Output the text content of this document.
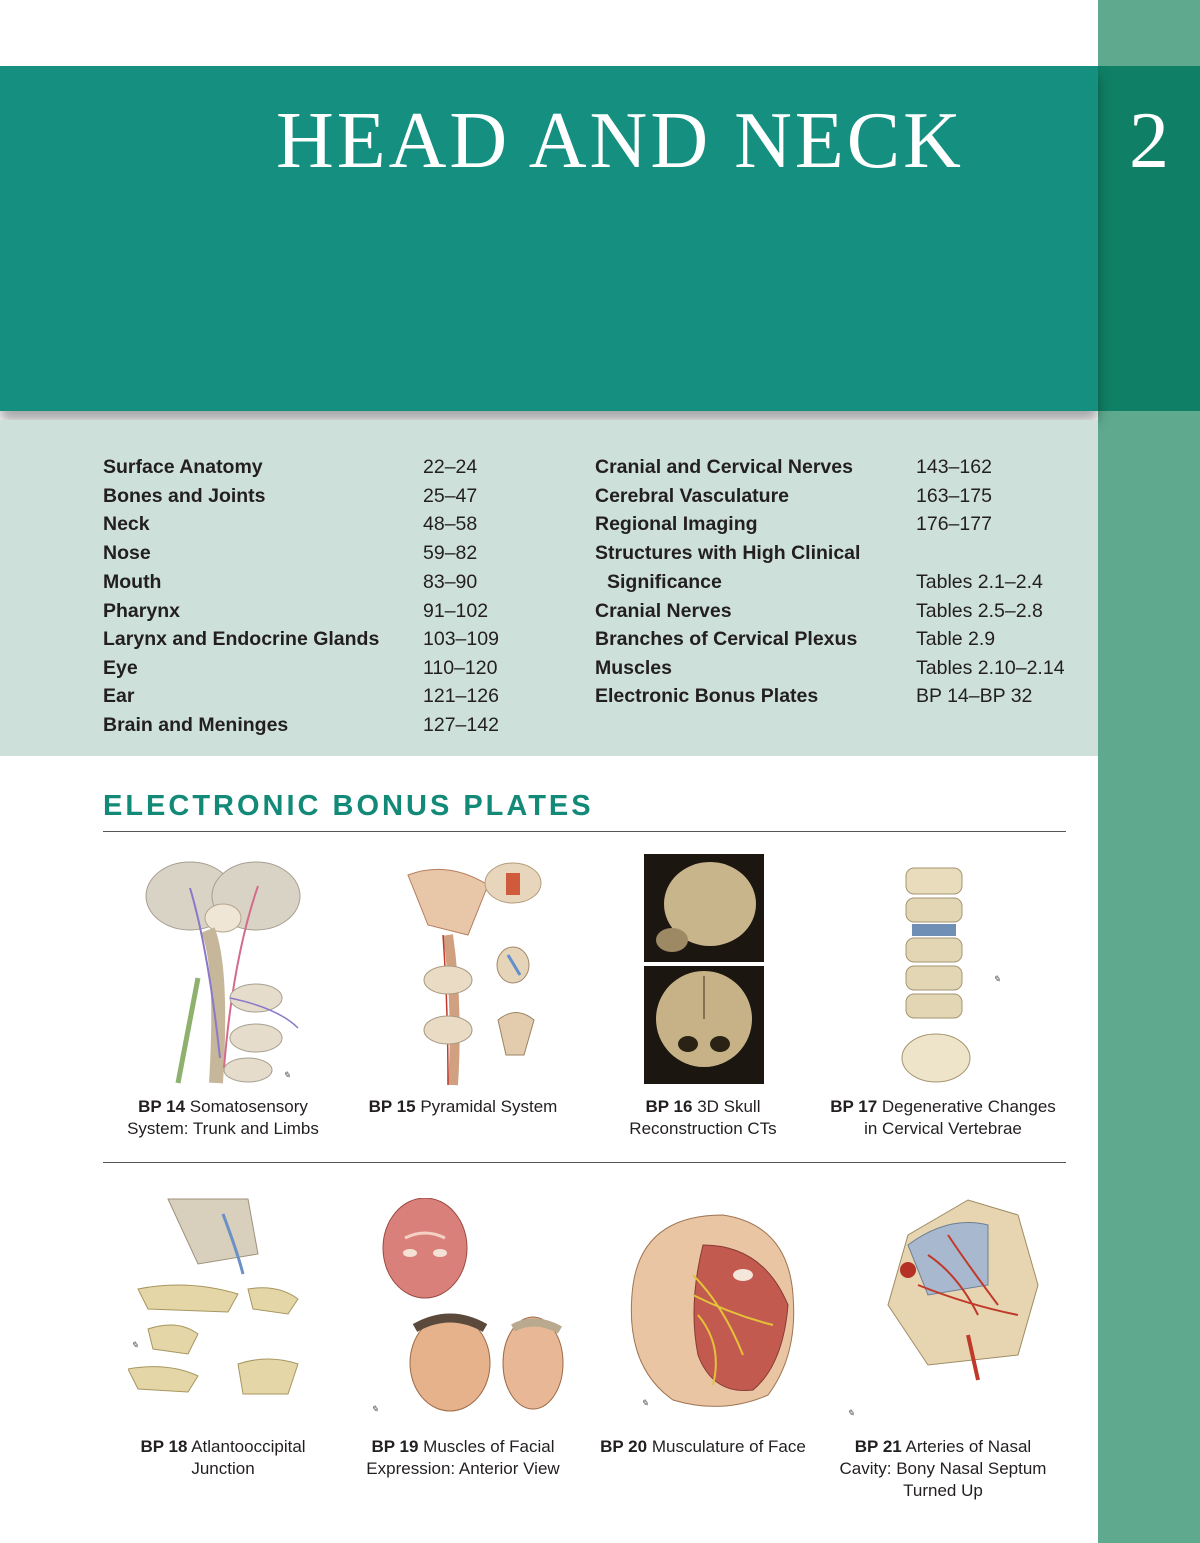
HEAD AND NECK	2
Surface Anatomy	22–24
Bones and Joints	25–47
Neck	48–58
Nose	59–82
Mouth	83–90
Pharynx	91–102
Larynx and Endocrine Glands 103–109
Eye	110–120
Ear	121–126
Brain and Meninges	127–142
Cranial and Cervical Nerves	143–162
Cerebral Vasculature	163–175
Regional Imaging	176–177
Structures with High Clinical
Significance	Tables 2.1–2.4
Cranial Nerves	Tables 2.5–2.8
Branches of Cervical Plexus	Table 2.9
Muscles	Tables 2.10–2.14
Electronic Bonus Plates	BP 14–BP 32
ELECTRONIC BONUS PLATES
✎
BP 14 Somatosensory
System: Trunk and Limbs
BP 15 Pyramidal System	BP 16 3D Skull
Reconstruction CTs
✎
BP 17 Degenerative Changes
in Cervical Vertebrae
✎
BP 18 Atlantooccipital
Junction
✎
BP 19 Muscles of Facial
Expression: Anterior View
✎
BP 20 Musculature of Face
✎
BP 21 Arteries of Nasal
Cavity: Bony Nasal Septum
Turned Up
